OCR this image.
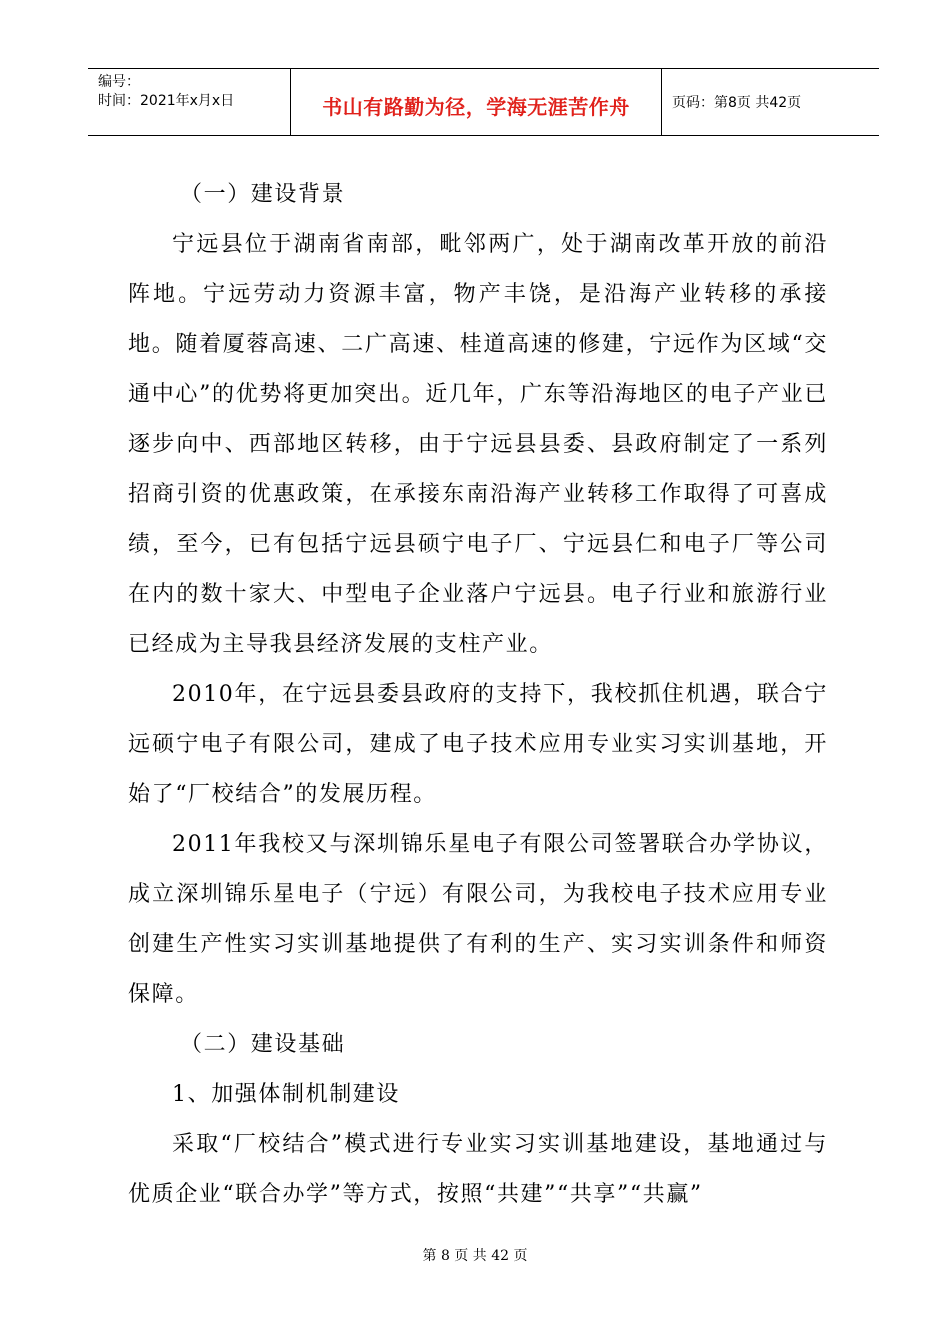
编号：
时间：2021年x月x日	书山有路勤为径，学海无涯苦作舟	页码：第8页 共42页

（一）建设背景

宁远县位于湖南省南部，毗邻两广，处于湖南改革开放的前沿阵地。宁远劳动力资源丰富，物产丰饶，是沿海产业转移的承接地。随着厦蓉高速、二广高速、桂道高速的修建，宁远作为区域“交通中心”的优势将更加突出。近几年，广东等沿海地区的电子产业已逐步向中、西部地区转移，由于宁远县县委、县政府制定了一系列招商引资的优惠政策，在承接东南沿海产业转移工作取得了可喜成绩，至今，已有包括宁远县硕宁电子厂、宁远县仁和电子厂等公司在内的数十家大、中型电子企业落户宁远县。电子行业和旅游行业已经成为主导我县经济发展的支柱产业。

2010年，在宁远县委县政府的支持下，我校抓住机遇，联合宁远硕宁电子有限公司，建成了电子技术应用专业实习实训基地，开始了“厂校结合”的发展历程。

2011年我校又与深圳锦乐星电子有限公司签署联合办学协议，成立深圳锦乐星电子（宁远）有限公司，为我校电子技术应用专业创建生产性实习实训基地提供了有利的生产、实习实训条件和师资保障。

（二）建设基础

1、加强体制机制建设

采取“厂校结合”模式进行专业实习实训基地建设，基地通过与优质企业“联合办学”等方式，按照“共建”“共享”“共赢”

第 8 页 共 42 页
